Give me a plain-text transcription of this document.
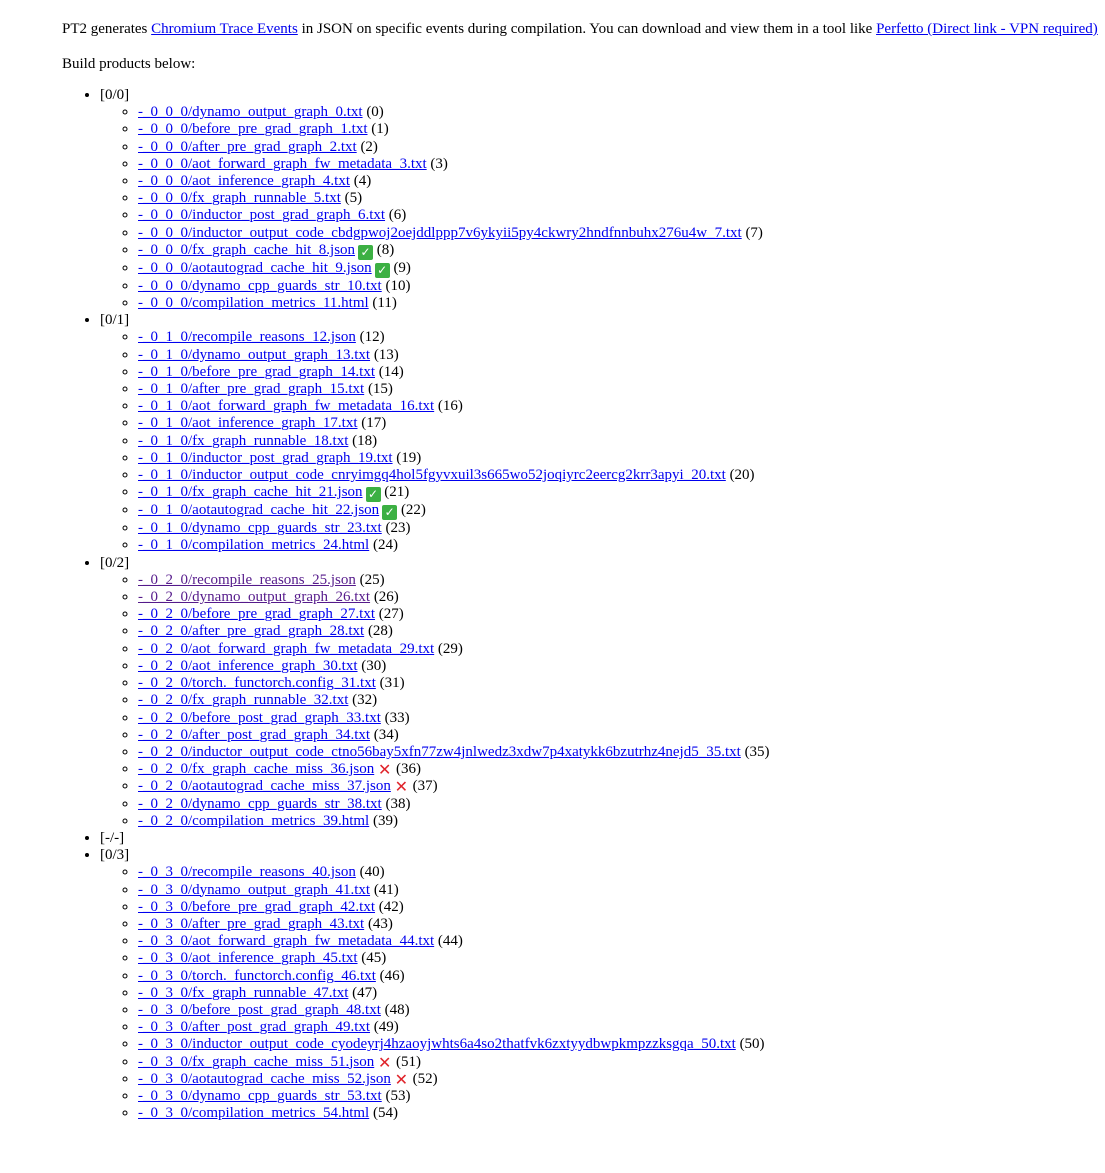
PT2 generates Chromium Trace Events in JSON on specific events during compilation. You can download and view them in a tool like Perfetto (Direct link - VPN required)

Build products below:

• [0/0]
◦ -_0_0_0/dynamo_output_graph_0.txt (0)
◦ -_0_0_0/before_pre_grad_graph_1.txt (1)
◦ -_0_0_0/after_pre_grad_graph_2.txt (2)
◦ -_0_0_0/aot_forward_graph_fw_metadata_3.txt (3)
◦ -_0_0_0/aot_inference_graph_4.txt (4)
◦ -_0_0_0/fx_graph_runnable_5.txt (5)
◦ -_0_0_0/inductor_post_grad_graph_6.txt (6)
◦ -_0_0_0/inductor_output_code_cbdgpwoj2oejddlppp7v6ykyii5py4ckwry2hndfnnbuhx276u4w_7.txt (7)
◦ -_0_0_0/fx_graph_cache_hit_8.json ✓ (8)
◦ -_0_0_0/aotautograd_cache_hit_9.json ✓ (9)
◦ -_0_0_0/dynamo_cpp_guards_str_10.txt (10)
◦ -_0_0_0/compilation_metrics_11.html (11)
• [0/1]
◦ -_0_1_0/recompile_reasons_12.json (12)
◦ -_0_1_0/dynamo_output_graph_13.txt (13)
◦ -_0_1_0/before_pre_grad_graph_14.txt (14)
◦ -_0_1_0/after_pre_grad_graph_15.txt (15)
◦ -_0_1_0/aot_forward_graph_fw_metadata_16.txt (16)
◦ -_0_1_0/aot_inference_graph_17.txt (17)
◦ -_0_1_0/fx_graph_runnable_18.txt (18)
◦ -_0_1_0/inductor_post_grad_graph_19.txt (19)
◦ -_0_1_0/inductor_output_code_cnryimgq4hol5fgyvxuil3s665wo52joqiyrc2eercg2krr3apyi_20.txt (20)
◦ -_0_1_0/fx_graph_cache_hit_21.json ✓ (21)
◦ -_0_1_0/aotautograd_cache_hit_22.json ✓ (22)
◦ -_0_1_0/dynamo_cpp_guards_str_23.txt (23)
◦ -_0_1_0/compilation_metrics_24.html (24)
• [0/2]
◦ -_0_2_0/recompile_reasons_25.json (25)
◦ -_0_2_0/dynamo_output_graph_26.txt (26)
◦ -_0_2_0/before_pre_grad_graph_27.txt (27)
◦ -_0_2_0/after_pre_grad_graph_28.txt (28)
◦ -_0_2_0/aot_forward_graph_fw_metadata_29.txt (29)
◦ -_0_2_0/aot_inference_graph_30.txt (30)
◦ -_0_2_0/torch._functorch.config_31.txt (31)
◦ -_0_2_0/fx_graph_runnable_32.txt (32)
◦ -_0_2_0/before_post_grad_graph_33.txt (33)
◦ -_0_2_0/after_post_grad_graph_34.txt (34)
◦ -_0_2_0/inductor_output_code_ctno56bay5xfn77zw4jnlwedz3xdw7p4xatykk6bzutrhz4nejd5_35.txt (35)
◦ -_0_2_0/fx_graph_cache_miss_36.json ✕ (36)
◦ -_0_2_0/aotautograd_cache_miss_37.json ✕ (37)
◦ -_0_2_0/dynamo_cpp_guards_str_38.txt (38)
◦ -_0_2_0/compilation_metrics_39.html (39)
• [-/-]
• [0/3]
◦ -_0_3_0/recompile_reasons_40.json (40)
◦ -_0_3_0/dynamo_output_graph_41.txt (41)
◦ -_0_3_0/before_pre_grad_graph_42.txt (42)
◦ -_0_3_0/after_pre_grad_graph_43.txt (43)
◦ -_0_3_0/aot_forward_graph_fw_metadata_44.txt (44)
◦ -_0_3_0/aot_inference_graph_45.txt (45)
◦ -_0_3_0/torch._functorch.config_46.txt (46)
◦ -_0_3_0/fx_graph_runnable_47.txt (47)
◦ -_0_3_0/before_post_grad_graph_48.txt (48)
◦ -_0_3_0/after_post_grad_graph_49.txt (49)
◦ -_0_3_0/inductor_output_code_cyodeyrj4hzaoyjwhts6a4so2thatfvk6zxtyydbwpkmpzzksgqa_50.txt (50)
◦ -_0_3_0/fx_graph_cache_miss_51.json ✕ (51)
◦ -_0_3_0/aotautograd_cache_miss_52.json ✕ (52)
◦ -_0_3_0/dynamo_cpp_guards_str_53.txt (53)
◦ -_0_3_0/compilation_metrics_54.html (54)
